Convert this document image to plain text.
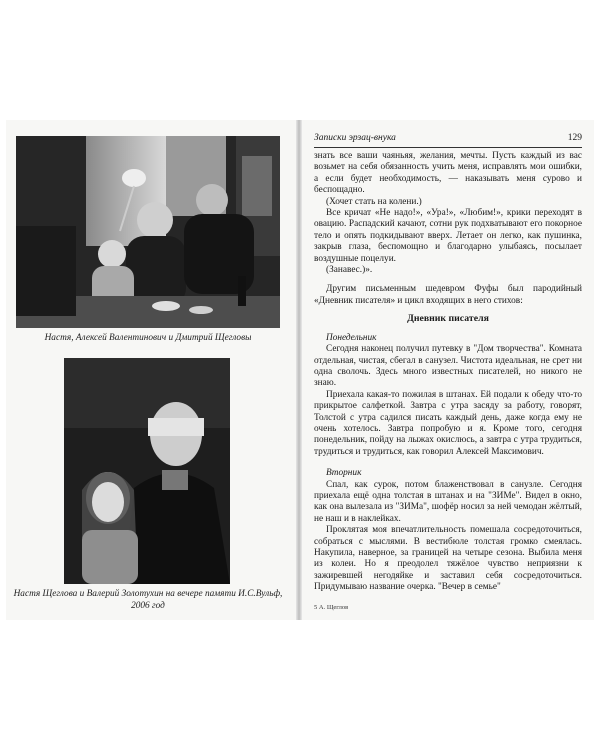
Настя, Алексей Валентинович и Дмитрий Щегловы
Настя Щеглова и Валерий Золотухин на вечере памяти И.С.Вульф, 2006 год
Записки эрзац-внука	129

знать все ваши чаяньяя, желания, мечты. Пусть каждый из вас возьмет на себя обязанность учить меня, исправлять мои ошибки, а если будет необходимость, — наказывать меня сурово и беспощадно.

(Хочет стать на колени.)

Все кричат «Не надо!», «Ура!», «Любим!», крики переходят в овацию. Распадский качают, сотни рук подхватывают его покорное тело и опять подкидывают вверх. Летает он легко, как пушинка, закрыв глаза, беспомощно и благодарно улыбаясь, посылает воздушные поцелуи.

(Занавес.)».

Другим письменным шедевром Фуфы был пародийный «Дневник писателя» и цикл входящих в него стихов:

Дневник писателя

Понедельник

Сегодня наконец получил путевку в "Дом творчества". Комната отдельная, чистая, сбегал в санузел. Чистота идеальная, не срет ни одна сволочь. Здесь много известных писателей, но никого не знаю.

Приехала какая-то пожилая в штанах. Ей подали к обеду что-то прикрытое салфеткой. Завтра с утра засяду за работу, говорят, Толстой с утра садился писать каждый день, даже когда ему не очень хотелось. Завтра попробую и я. Кроме того, сегодня понедельник, пойду на лыжах окислюсь, а завтра с утра трудиться, трудиться и трудиться, как говорил Алексей Максимович.

Вторник

Спал, как сурок, потом блаженствовал в санузле. Сегодня приехала ещё одна толстая в штанах и на "ЗИМе". Видел в окно, как она вылезала из "ЗИМа", шофёр носил за ней чемодан жёлтый, не наш и в наклейках.

Проклятая моя впечатлительность помешала сосредоточиться, собраться с мыслями. В вестибюле толстая громко смеялась. Накупила, наверное, за границей на четыре сезона. Выбила меня из колеи. Но я преодолел тяжёлое чувство неприязни к зажиревшей негодяйке и заставил себя сосредоточиться. Придумываю название очерка. "Вечер в семье"

5 А. Щеглов
